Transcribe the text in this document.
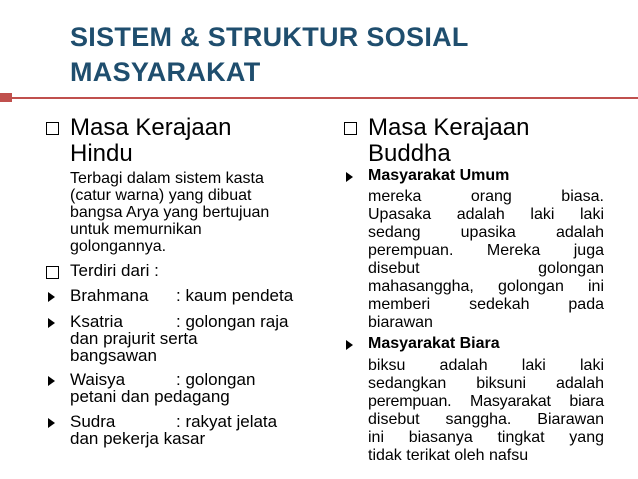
SISTEM & STRUKTUR SOSIAL
MASYARAKAT
Masa Kerajaan
Hindu
Terbagi dalam sistem kasta
(catur warna) yang dibuat
bangsa Arya yang bertujuan
untuk memurnikan
golongannya.
Terdiri dari :
Brahmana : kaum pendeta
Ksatria	: golongan raja
dan prajurit serta
bangsawan
Waisya	: golongan
petani dan pedagang
Sudra	: rakyat jelata
dan pekerja kasar
Masa Kerajaan
Buddha
Masyarakat Umum
mereka orang biasa.
Upasaka adalah laki laki
sedang upasika adalah
perempuan. Mereka juga
disebut golongan
mahasanggha, golongan ini
memberi sedekah pada
biarawan
Masyarakat Biara
biksu adalah laki laki
sedangkan biksuni adalah
perempuan. Masyarakat biara
disebut sanggha. Biarawan
ini biasanya tingkat yang
tidak terikat oleh nafsu
